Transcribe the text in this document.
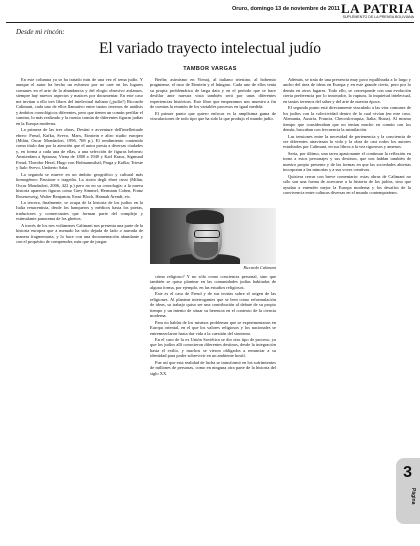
Oruro, domingo 13 de noviembre de 2011 LA PATRIA
SUPLEMENTO DE LA PRENSA BOLIVIANA
Desde mi rincón:
El variado trayecto intelectual judío
TAMBOR VARGAS

En este columna ya se ha tratado más de una vez el tema judío. Y aunque el autor ha hecho un esfuerzo por no caer en los lugares comunes en el arte de la abundancia y del elogio obsesivo aislamos, siempre hay nuevos aspectos y matices por documentar. En este caso me invitan a ello tres libros del intelectual italiano (¿judío?) Riccardo Calimani, cada uno de ellos llamativo entre tantos terrenos de análisis y ámbitos cronológicos diferentes, pero que tienen un común perfilar el camino, lo más realizado y la cuenta común de diferentes figuras judías en la Europa moderna.

La primera de las tres obras, Destini e avventure dell'intellettuale ebreo: Freud, Kafka, Svevo, Marx, Einstein e altro studio europeo (Milán, Oscar Mondadori, 1996, 768 p.). El rendimiento contenido como título dan por la atención que el autor presta a diversas ciudades y, en forma a cada una de ellas, a una selección de figuras hebreas: Amsterdam a Spinoza; Viena de 1800 a 1940 y Karl Kraus, Sigmund Freud, Theodor Herzl, Hugo von Hofmannsthal; Praga y Kafka; Trieste y Italo Svevo, Umberto Saba.

La segunda se mueve en un ámbito geográfico y cultural más homogéneo: Passione e tragedia. La storia degli ebrei russi (Milán, Oscar Mondadori, 2006, 422 p.) pero no en su cronología: a la nueva historia aparecen figuras como Grey Simmel, Hermann Cohen, Franz Rosenzweig, Walter Benjamin, Ernst Bloch, Hannah Arendt, etc.

La tercera, finalmente, se ocupa de la historia de los judíos en la Italia renacentista, desde los banqueros y médicos hasta los poetas, traductores y comerciantes que forman parte del complejo y estimulante panorama de los ghettos.

A través de los tres volúmenes Calimani nos presenta una parte de la historia europea que a menudo ha sido dejada de lado o narrada de manera fragmentaria, y lo hace con una documentación abundante y con el propósito de comprender, más que de juzgar.

Berlín; asimismo en Viena), al italiano triestino, al bohemio pragmense, el ruso de Einstein y el húngaro. Cada uno de ellos tenía su propia problemática de larga data y en el período que se hace desfilar ante nuestra vista también será por unas diferentes experiencias históricas. Este libro que empezamos nos muestra a fin de cuentas la reunión de los variables procesos en igual medida.

El primer punto que quiero enfocar es la amplísima gama de vinculaciones de todo tipo que ha sido la que produjo el mundo judío.

Riccardo Calimani

cómo religioso? Y no sólo como conciencia personal, sino que también se quiso plantear en las comunidades judías habitadas de alguna forma, por ejemplo, en las estudios religiosos.

Este es el caso de Freud y de sus teorías sobre el origen de las religiones. Al plantear interrogantes que se leen como reformulación de ideas, su trabajo quiso ser una contribución al debate de su propio tiempo y un intento de situar su herencia en el contexto de la ciencia moderna.

Para no hablar de los mismos problemas que se experimentaron en Europa oriental, en el que los valores religiosos y los nacionales se entremezclaron hasta dar vida a la cuestión del sionismo.

En el caso de la ex Unión Soviética se dio otro tipo de proceso, ya que los judíos allí conocieron diferentes destinos, desde la integración hasta el exilio, y muchos se vieron obligados a renunciar a su identidad para poder sobrevivir en un ambiente hostil.

Fue así que esta realidad de lucha se transformó en los sufrimientos de millones de personas, como en ninguna otra parte de la historia del siglo XX.

Además, se trata de una presencia muy poco equilibrada a lo largo y ancho del área de ideas en Europa y en este grande cierto, pero por lo demás en otros lugares. Todo ello, se corresponde con una evolución cierta preferencia por lo innovador, la ruptura, la inquietud intelectual, en tantos terrenos del saber y del arte de nuestra época.

El segundo punto está directamente vinculado a las vías comunes de los judíos con la colectividad dentro de la cual vivían (en este caso, Alemania, Austria, Francia, Checoslovaquia, Italia, Rusia). Al mismo tiempo que consideraban que no tenían mucho en común con los demás, buscaban con frecuencia la asimilación.

Las tensiones entre la necesidad de pertenencia y la conciencia de ser diferentes atraviesan la vida y la obra de casi todos los autores estudiados por Calimani, en sus libros a la vez rigurosos y amenos.

Sería, por último, una tarea apasionante el continuar la reflexión en torno a estos personajes y sus destinos, que nos hablan también de nuestro propio presente y de las formas en que las sociedades abiertas incorporan a las minorías y a sus voces creativas.

Quisiera cerrar con breve comentario: estas obras de Calimani no sólo son una forma de acercarse a la historia de los judíos, sino que ayudan a entender mejor la Europa moderna y los desafíos de la convivencia entre culturas diversas en el mundo contemporáneo.

3
Página
